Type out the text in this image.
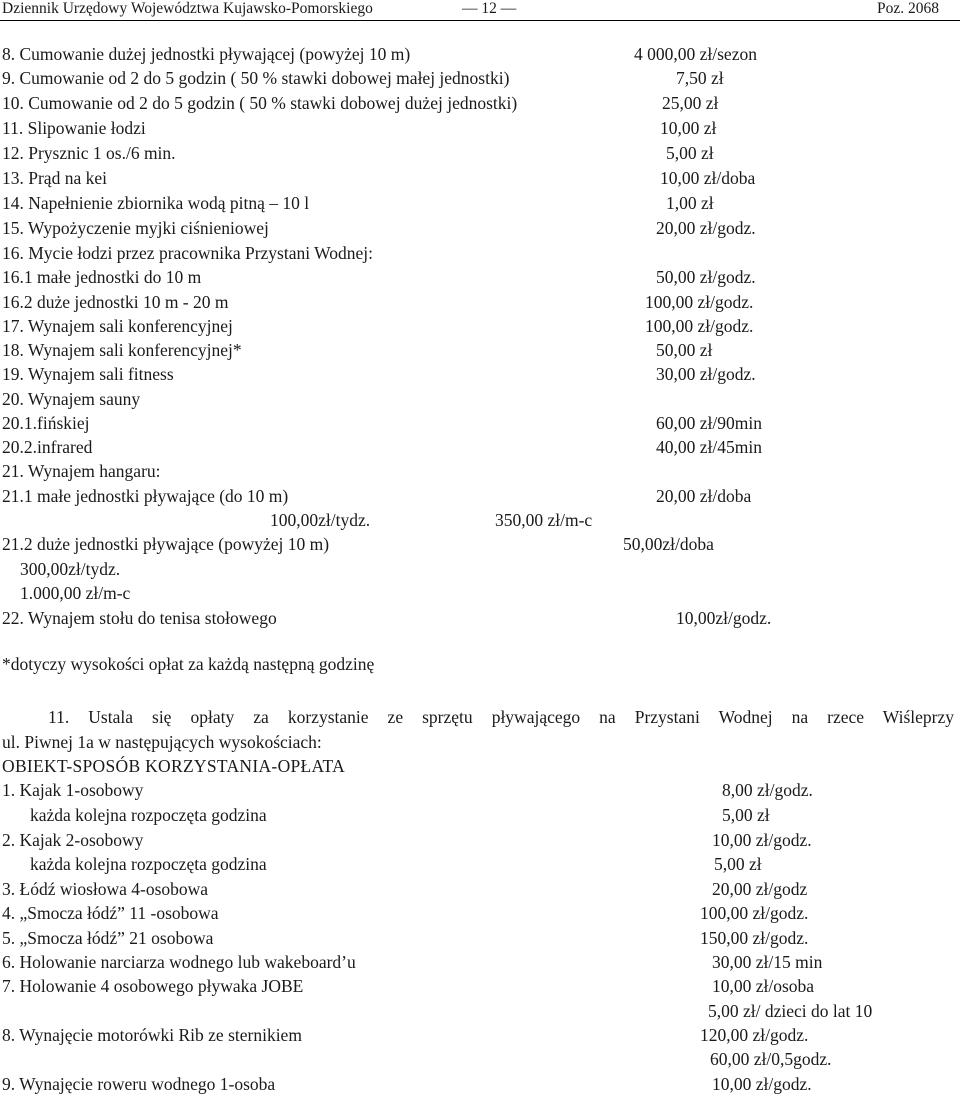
Dziennik Urzędowy Województwa Kujawsko-Pomorskiego	— 12 —	Poz. 2068
8. Cumowanie dużej jednostki pływającej (powyżej 10 m)	4 000,00 zł/sezon
9. Cumowanie od 2 do 5 godzin ( 50 % stawki dobowej małej jednostki)	7,50 zł
10. Cumowanie od 2 do 5 godzin ( 50 % stawki dobowej dużej jednostki)	25,00 zł
11. Slipowanie łodzi	10,00 zł
12. Prysznic 1 os./6 min.	5,00 zł
13. Prąd na kei	10,00 zł/doba
14. Napełnienie zbiornika wodą pitną – 10 l	1,00 zł
15. Wypożyczenie myjki ciśnieniowej	20,00 zł/godz.
16. Mycie łodzi przez pracownika Przystani Wodnej:
16.1 małe jednostki do 10 m	50,00 zł/godz.
16.2 duże jednostki 10 m - 20 m	100,00 zł/godz.
17. Wynajem sali konferencyjnej	100,00 zł/godz.
18. Wynajem sali konferencyjnej*	50,00 zł
19. Wynajem sali fitness	30,00 zł/godz.
20. Wynajem sauny
20.1.fińskiej	60,00 zł/90min
20.2.infrared	40,00 zł/45min
21. Wynajem hangaru:
21.1 małe jednostki pływające (do 10 m)	20,00 zł/doba
100,00zł/tydz.	350,00 zł/m-c
21.2 duże jednostki pływające (powyżej 10 m)	50,00zł/doba
300,00zł/tydz.
1.000,00 zł/m-c
22. Wynajem stołu do tenisa stołowego	10,00zł/godz.
*dotyczy wysokości opłat za każdą następną godzinę
11. Ustala się opłaty za korzystanie ze sprzętu pływającego na Przystani Wodnej na rzece Wiśleprzy
ul. Piwnej 1a w następujących wysokościach:
OBIEKT-SPOSÓB KORZYSTANIA-OPŁATA
1. Kajak 1-osobowy	8,00 zł/godz.
każda kolejna rozpoczęta godzina	5,00 zł
2. Kajak 2-osobowy	10,00 zł/godz.
każda kolejna rozpoczęta godzina	5,00 zł
3. Łódź wiosłowa 4-osobowa	20,00 zł/godz
4. „Smocza łódź” 11 -osobowa	100,00 zł/godz.
5. „Smocza łódź” 21 osobowa	150,00 zł/godz.
6. Holowanie narciarza wodnego lub wakeboard’u	30,00 zł/15 min
7. Holowanie 4 osobowego pływaka JOBE	10,00 zł/osoba
5,00 zł/ dzieci do lat 10
8. Wynajęcie motorówki Rib ze sternikiem	120,00 zł/godz.
60,00 zł/0,5godz.
9. Wynajęcie roweru wodnego 1-osoba	10,00 zł/godz.
